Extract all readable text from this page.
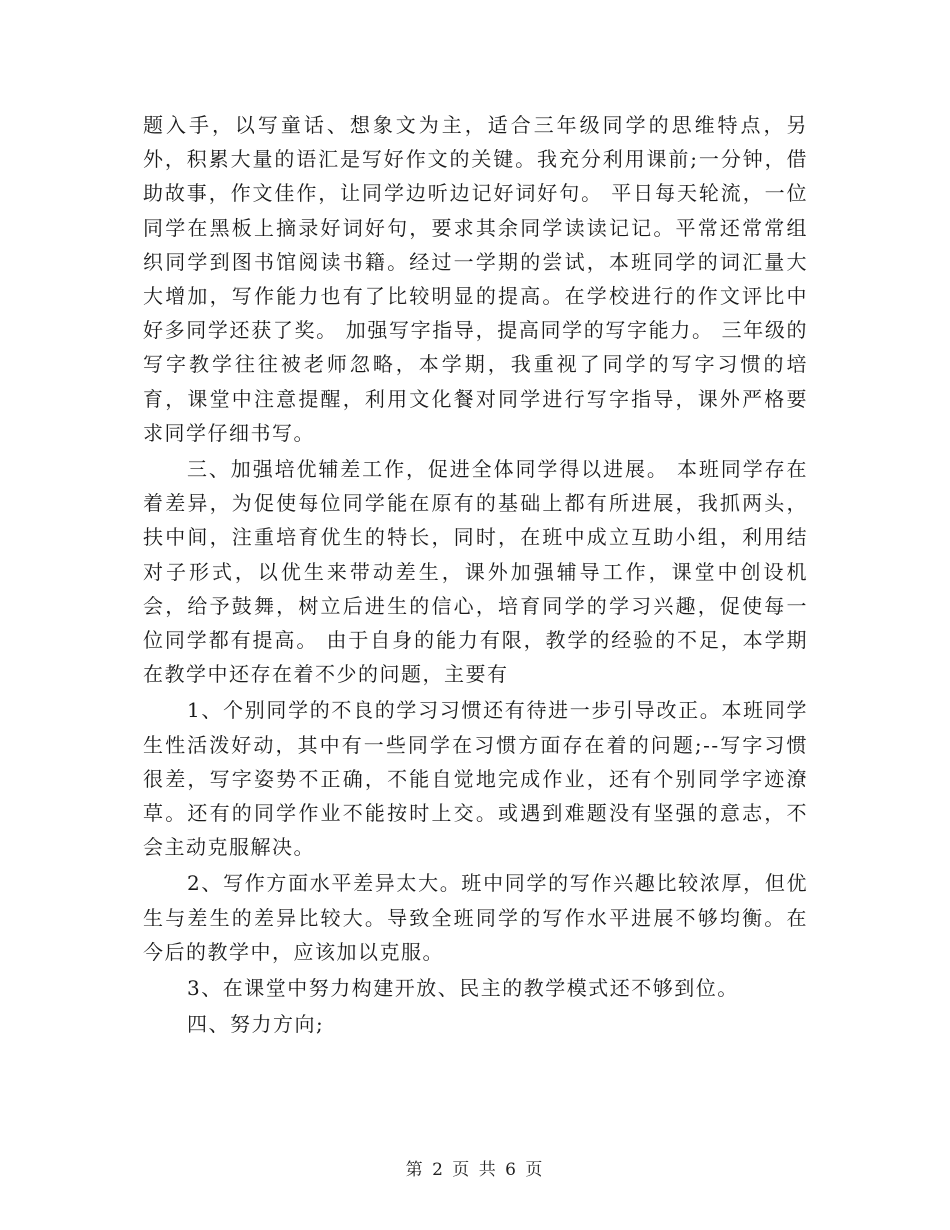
题入手，以写童话、想象文为主，适合三年级同学的思维特点，另外，积累大量的语汇是写好作文的关键。我充分利用课前;一分钟，借助故事，作文佳作，让同学边听边记好词好句。 平日每天轮流，一位同学在黑板上摘录好词好句，要求其余同学读读记记。平常还常常组织同学到图书馆阅读书籍。经过一学期的尝试，本班同学的词汇量大大增加，写作能力也有了比较明显的提高。在学校进行的作文评比中好多同学还获了奖。 加强写字指导，提高同学的写字能力。 三年级的写字教学往往被老师忽略，本学期，我重视了同学的写字习惯的培育，课堂中注意提醒，利用文化餐对同学进行写字指导，课外严格要求同学仔细书写。

三、加强培优辅差工作，促进全体同学得以进展。 本班同学存在着差异，为促使每位同学能在原有的基础上都有所进展，我抓两头，扶中间，注重培育优生的特长，同时，在班中成立互助小组，利用结对子形式，以优生来带动差生，课外加强辅导工作，课堂中创设机会，给予鼓舞，树立后进生的信心，培育同学的学习兴趣，促使每一位同学都有提高。 由于自身的能力有限，教学的经验的不足，本学期在教学中还存在着不少的问题，主要有

1、个别同学的不良的学习习惯还有待进一步引导改正。本班同学生性活泼好动，其中有一些同学在习惯方面存在着的问题;--写字习惯很差，写字姿势不正确，不能自觉地完成作业，还有个别同学字迹潦草。还有的同学作业不能按时上交。或遇到难题没有坚强的意志，不会主动克服解决。

2、写作方面水平差异太大。班中同学的写作兴趣比较浓厚，但优生与差生的差异比较大。导致全班同学的写作水平进展不够均衡。在今后的教学中，应该加以克服。

3、在课堂中努力构建开放、民主的教学模式还不够到位。

四、努力方向;

第 2 页 共 6 页
